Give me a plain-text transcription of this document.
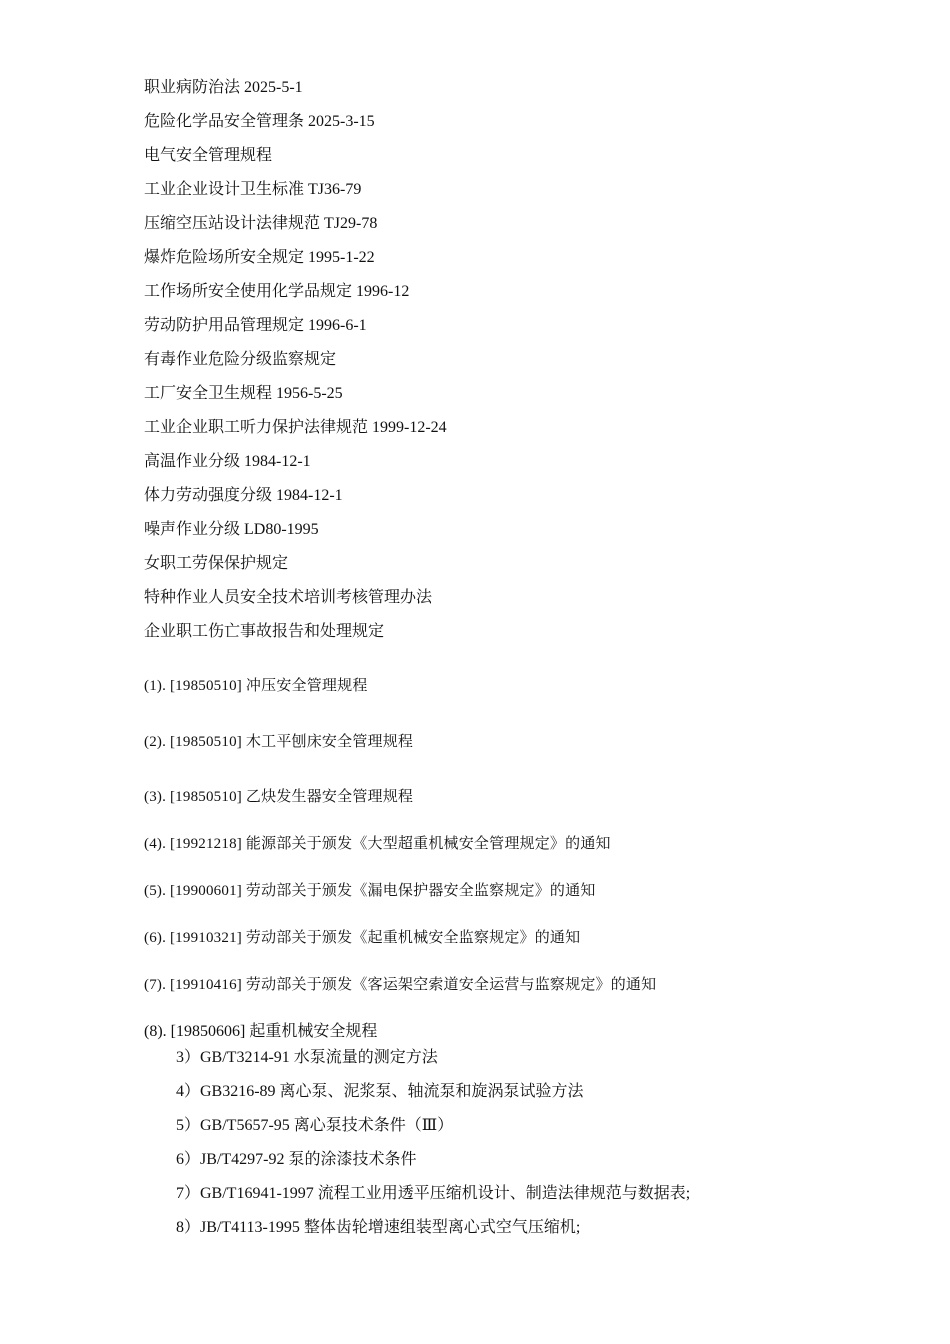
职业病防治法 2025-5-1
危险化学品安全管理条 2025-3-15
电气安全管理规程
工业企业设计卫生标准 TJ36-79
压缩空压站设计法律规范 TJ29-78
爆炸危险场所安全规定 1995-1-22
工作场所安全使用化学品规定 1996-12
劳动防护用品管理规定 1996-6-1
有毒作业危险分级监察规定
工厂安全卫生规程 1956-5-25
工业企业职工听力保护法律规范 1999-12-24
高温作业分级 1984-12-1
体力劳动强度分级 1984-12-1
噪声作业分级 LD80-1995
女职工劳保保护规定
特种作业人员安全技术培训考核管理办法
企业职工伤亡事故报告和处理规定
(1). [19850510] 冲压安全管理规程
(2). [19850510] 木工平刨床安全管理规程
(3). [19850510] 乙炔发生器安全管理规程
(4). [19921218] 能源部关于颁发《大型超重机械安全管理规定》的通知
(5). [19900601] 劳动部关于颁发《漏电保护器安全监察规定》的通知
(6). [19910321] 劳动部关于颁发《起重机械安全监察规定》的通知
(7). [19910416] 劳动部关于颁发《客运架空索道安全运营与监察规定》的通知
(8). [19850606] 起重机械安全规程
3）GB/T3214-91 水泵流量的测定方法
4）GB3216-89 离心泵、泥浆泵、轴流泵和旋涡泵试验方法
5）GB/T5657-95 离心泵技术条件（Ⅲ）
6）JB/T4297-92 泵的涂漆技术条件
7）GB/T16941-1997 流程工业用透平压缩机设计、制造法律规范与数据表;
8）JB/T4113-1995 整体齿轮增速组装型离心式空气压缩机;
